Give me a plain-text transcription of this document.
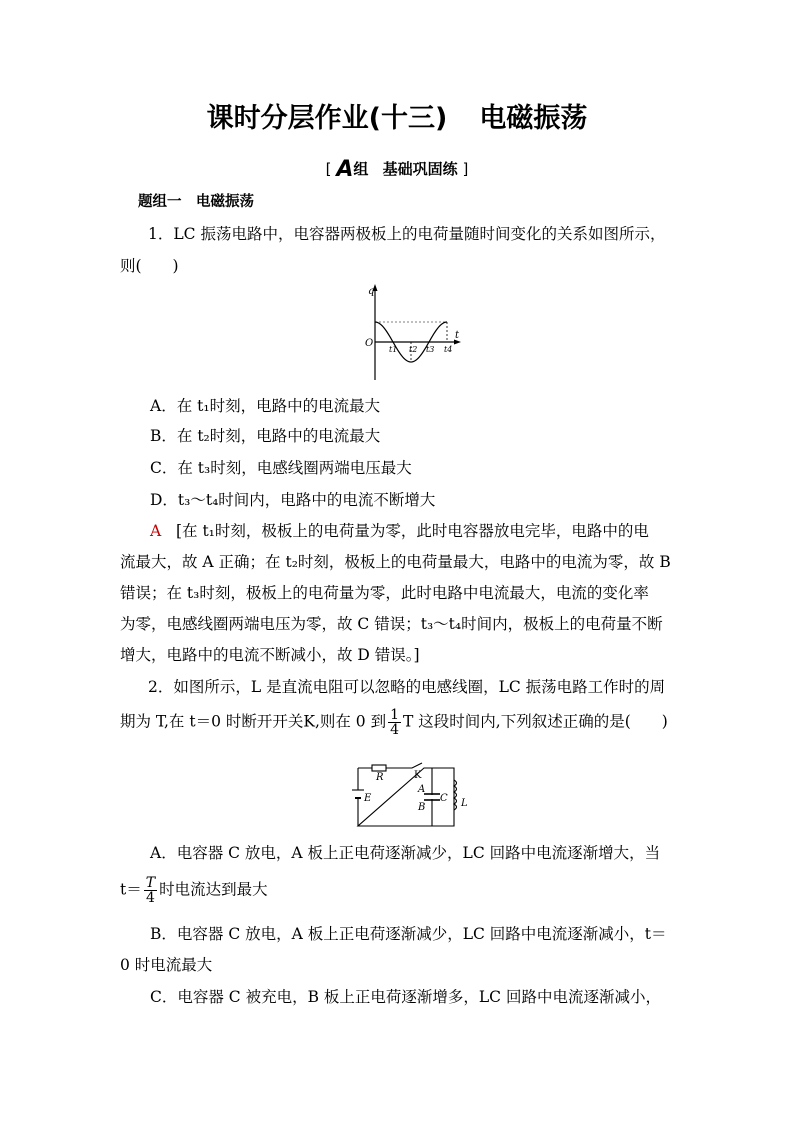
课时分层作业(十三) 电磁振荡
[ A组 基础巩固练 ]
题组一　电磁振荡
1．LC 振荡电路中，电容器两极板上的电荷量随时间变化的关系如图所示，
则(　　)
q
O
t
t1 t2 t3 t4
A．在 t₁时刻，电路中的电流最大
B．在 t₂时刻，电路中的电流最大
C．在 t₃时刻，电感线圈两端电压最大
D．t₃～t₄时间内，电路中的电流不断增大
A [在 t₁时刻，极板上的电荷量为零，此时电容器放电完毕，电路中的电
流最大，故 A 正确；在 t₂时刻，极板上的电荷量最大，电路中的电流为零，故 B
错误；在 t₃时刻，极板上的电荷量为零，此时电路中电流最大，电流的变化率
为零，电感线圈两端电压为零，故 C 错误；t₃～t₄时间内，极板上的电荷量不断
增大，电路中的电流不断减小，故 D 错误。]
2．如图所示，L 是直流电阻可以忽略的电感线圈，LC 振荡电路工作时的周
期为 T,在 t＝0 时断开开关K,则在 0 到 $\frac{1}{4}$ T 这段时间内,下列叙述正确的是(　　)
R	K
E
A
B
C L
A．电容器 C 放电，A 板上正电荷逐渐减少，LC 回路中电流逐渐增大，当
$t= \frac{T}{4}$ 时电流达到最大
B．电容器 C 放电，A 板上正电荷逐渐减少，LC 回路中电流逐渐减小，t＝
0 时电流最大
C．电容器 C 被充电，B 板上正电荷逐渐增多，LC 回路中电流逐渐减小，
